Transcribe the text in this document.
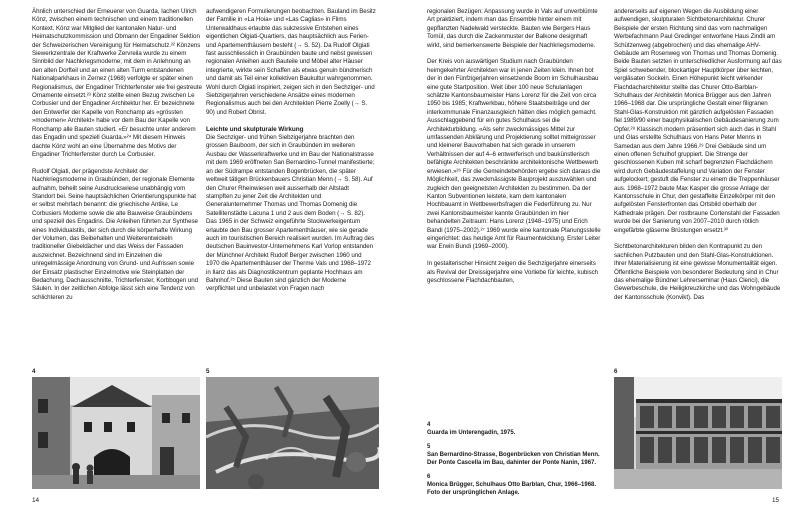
Ähnlich unterschied der Erneuerer von Guarda, Iachen Ulrich Könz, zwischen einem technischen und einem traditionellen Kontext. Könz war Mitglied der kantonalen Natur- und Heimatschutzkommission und Obmann der Engadiner Sektion der Schweizerischen Vereinigung für Heimatschutz.²² Könzens Siewerkzentrale der Kraftwerke Zervreila wurde zu einem Sinnbild der Nachkriegsmoderne; mit dem in Anlehnung an den alten Dorfteil und an einen alten Turm entstandenen Nationalparkhaus in Zernez (1968) verfolgte er später einen Regionalismus, der Engadiner Trichterfenster wie frei gestreute Ornamente einsetzt.²³ Könz stellte einen Bezug zwischen Le Corbusier und der Engadiner Architektur her. Er bezeichnete den Entwerfer der Kapelle von Ronchamp als «grössten »modernen« Architekt» habe vor dem Bau der Kapelle von Ronchamp alle Bauten studiert. «Er besuchte unter anderem das Engadin und speziell Guarda.»²⁴ Mit diesem Hinweis dachte Könz wohl an eine Übernahme des Motivs der Engadiner Trichterfenster durch Le Corbusier.

Rudolf Olgiati, der prägendste Architekt der Nachkriegsmoderne in Graubünden, der regionale Elemente aufnahm, beheilt seine Ausdruckswiese unabhängig vom Standort bei. Seine hauptsächlichen Orientierungspunkte hat er selbst mehrfach benannt: die griechische Antike, Le Corbusiers Moderne sowie die alte Bauweise Graubündens und speziell des Engadins. Die Anleihen führten zur Synthese eines Individualstils, der sich durch die körperhafte Wirkung der Volumen, das Beibehalten und Weiterentwickeln traditioneller Giebeldächer und das Weiss der Fassaden auszeichnet. Bezeichnend sind im Einzelnen die unregelmässige Anordnung von Grund- und Aufrissen sowie der Einsatz plastischer Einzelmotive wie Steinplatten der Bedachung, Dachausschnitte, Trichterfenster, Korbbogen und Säulen. In der zeitlichen Abfolge lässt sich eine Tendenz von schlichteren zu

aufwendigeren Formulierungen beobachten. Bauland im Besitz der Familie in «La Hoia» und «Las Caglias» in Flims Unterwaldhaus erlaubte das sukzessive Entstehen eines eigentlichen Olgiati-Quartiers, das hauptsächlich aus Ferien- und Apartementhäusern besteht (→ S. 52). Da Rudolf Olgiati fast ausschliesslich in Graubünden baute und nebst gewissen regionalen Anleihen auch Bauteile und Möbel alter Häuser integrierte, wirkte sein Schaffen als etwas genuin bündnerisch und damit als Teil einer kollektiven Baukultur wahrgenommen. Wohl durch Olgiati inspiriert, zeigen sich in den Sechziger- und Siebzigerjahren verschiedene Ansätze eines modernen Regionalismus auch bei den Architekten Pierre Zoelly (→ S. 90) und Robert Obrist.

Leichte und skulpturale Wirkung

Die Sechziger- und frühen Siebzigerjahre brachten den grossen Bauboom, der sich in Graubünden im weiteren Ausbau der Wasserkraftwerke und im Bau der Nationalstrasse mit dem 1969 eröffneten San Bernardino-Tunnel manifestierte; an der Südrampe entstanden Bogenbrücken, die später weltweit tätigen Brückenbauers Christian Menn (→ S. 58). Auf den Churer Rheinwiesen weit ausserhalb der Altstadt stampften zu jener Zeit die Architekten und Generalunternehmer Thomas und Thomas Domenig die Satellitenstädte Lacuna 1 und 2 aus dem Boden (→ S. 82). Das 1965 in der Schweiz eingeführte Stockwerkeigentum erlaubte den Bau grosser Apartementhäuser, wie sie gerade auch im touristischen Bereich realisiert wurden. Im Auftrag des deutschen Bauinvestor-Unternehmens Karl Vorlop entstanden der Münchner Architekt Rudolf Berger zwischen 1960 und 1970 die Apartementhäuser der Therme Vals und 1968–1972 in Ilanz das als Diagnostikzentrum geplante Hochhaus am Bahnhof.²⁵ Diese Bauten sind gänzlich der Moderne verpflichtet und unbelastet von Fragen nach

regionalen Bezügen: Anpassung wurde in Vals auf unverblümte Art praktiziert, indem man das Ensemble hinter einem mit gepflanzten Nadelwald versteckte. Bauten wie Bergers Haus Tomül, das durch die Zackenmuster der Balkone designhaft wirkt, sind bemerkenswerte Beispiele der Nachkriegsmoderne.

Der Kreis von auswärtigen Studium nach Graubünden heimgekehrter Architekten war in jenen Zeiten klein. Ihnen bot der in den Fünfzigerjahren einsetzende Boom im Schulhausbau eine gute Startposition. Weit über 100 neue Schulanlagen schätzte Kantonsbaumeister Hans Lorenz für die Zeit von circa 1950 bis 1985; Kraftwerkbau, höhere Staatsbeiträge und der interkommunale Finanzausgleich hätten dies möglich gemacht. Ausschlaggebend für ein gutes Schulhaus sei die Architekturbildung. «Als sehr zweckmässiges Mittel zur umfassenden Abklärung und Projektierung solltet mitteigrosser und kleinerer Bauvorhaben hat sich gerade in unserem Verhältnissen der auf 4–6 entwerferisch und baukünstlerisch befähigte Architekten beschränkte architektonische Wettbewerb erwiesen.»²⁶ Für die Gemeindebehörden ergebe sich daraus die Möglichkeit, das zweckmässigste Bauprojekt auszuwählen und zugleich den geeignetsten Architekten zu bestimmen. Da der Kanton Subventionen leistete, kam dem kantonalen Hochbauamt in Wettbewerbsfragen die Federführung zu. Nur zwei Kantonsbaumeister kannte Graubünden im hier behandelten Zeitraum: Hans Lorenz (1948–1975) und Erich Bandi (1975–2002).²⁷ 1969 wurde eine kantonale Planungsstelle eingerichtet: das heutige Amt für Raumentwicklung. Erster Leiter war Erwin Bundi (1969–2000).

In gestalterischer Hinsicht zeigen die Sechzigerjahre einerseits als Revival der Dreissigerjahre eine Vorliebe für leichte, kubisch geschlossene Flachdachbauten,

andererseits auf eigenen Wegen die Ausbildung einer aufwendigen, skulpturalen Sichtbetonarchitektur. Churer Beispiele der ersten Richtung sind das vom nachmaligen Werbefachmann Paul Gredinger entworfene Haus Zindli am Schützenweg (abgebrochen) und das ehemalige AHV-Gebäude am Rosenweg von Thomas und Thomas Domenig. Beide Bauten setzten in unterschiedlicher Ausformung auf das Spiel schwebender, blockartiger Hauptkörper über leichten, vergläsaten Sockeln. Einen Höhepunkt leicht wirkender Flachdacharchitektur stellte das Churer Otto-Barblan-Schulhaus der Architektin Monica Brügger aus den Jahren 1966–1968 dar. Die ursprüngliche Gestalt einer filigranen Stahl-Glas-Konstruktion mit gänzlich aufgelösten Fassaden fiel 1989/90 einer bauphysikalischen Gebäudesanierung zum Opfer.²⁸ Klassisch modern präsentiert sich auch das in Stahl und Glas erstellte Schulhaus von Hans Peter Menns in Samedan aus dem Jahre 1966.²⁹ Drei Gebäude sind um einen offenen Schulhof gruppiert. Die Strenge der geschlossenen Kuben mit scharf begrenzten Flachdächern wird durch Gebäudestaffelung und Variation der Fenster aufgelockert; gestuft die Fenster zu einem die Treppenhäuser aus. 1968–1972 baute Max Kasper die grosse Anlage der Kantonsschule in Chur, den gestaffelte Einzelkörper mit den aufgelösten Fensterfronten das Ortsbild oberhalb der Kathedrale prägen. Der rostbraune Cortenstahl der Fassaden wurde bei der Sanierung von 2007–2010 durch rötlich eingefärbte gläserne Brüstungen ersetzt.³⁰

Sichtbetonarchitekturen bilden den Kontrapunkt zu den sachlichen Putzbauten und den Stahl-Glas-Konstruktionen. Ihrer Materialisierung ist eine gewisse Monumentalität eigen. Öffentliche Beispiele von besonderer Bedeutung sind in Chur das ehemalige Bündner Lehrerseminar (Haus Clerici), die Gewerbeschule, die Heiligkreuzkirche und das Wohngebäude der Kantonsschule (Konvikt). Das

4	5	6
4
Guarda im Unterengadin, 1975.
5
San Bernardino-Strasse, Bogenbrücken von Christian Menn. Der Ponte Cascella im Bau, dahinter der Ponte Nanin, 1967.
6
Monica Brügger, Schulhaus Otto Barblan, Chur, 1966–1968. Foto der ursprünglichen Anlage.
14	15
